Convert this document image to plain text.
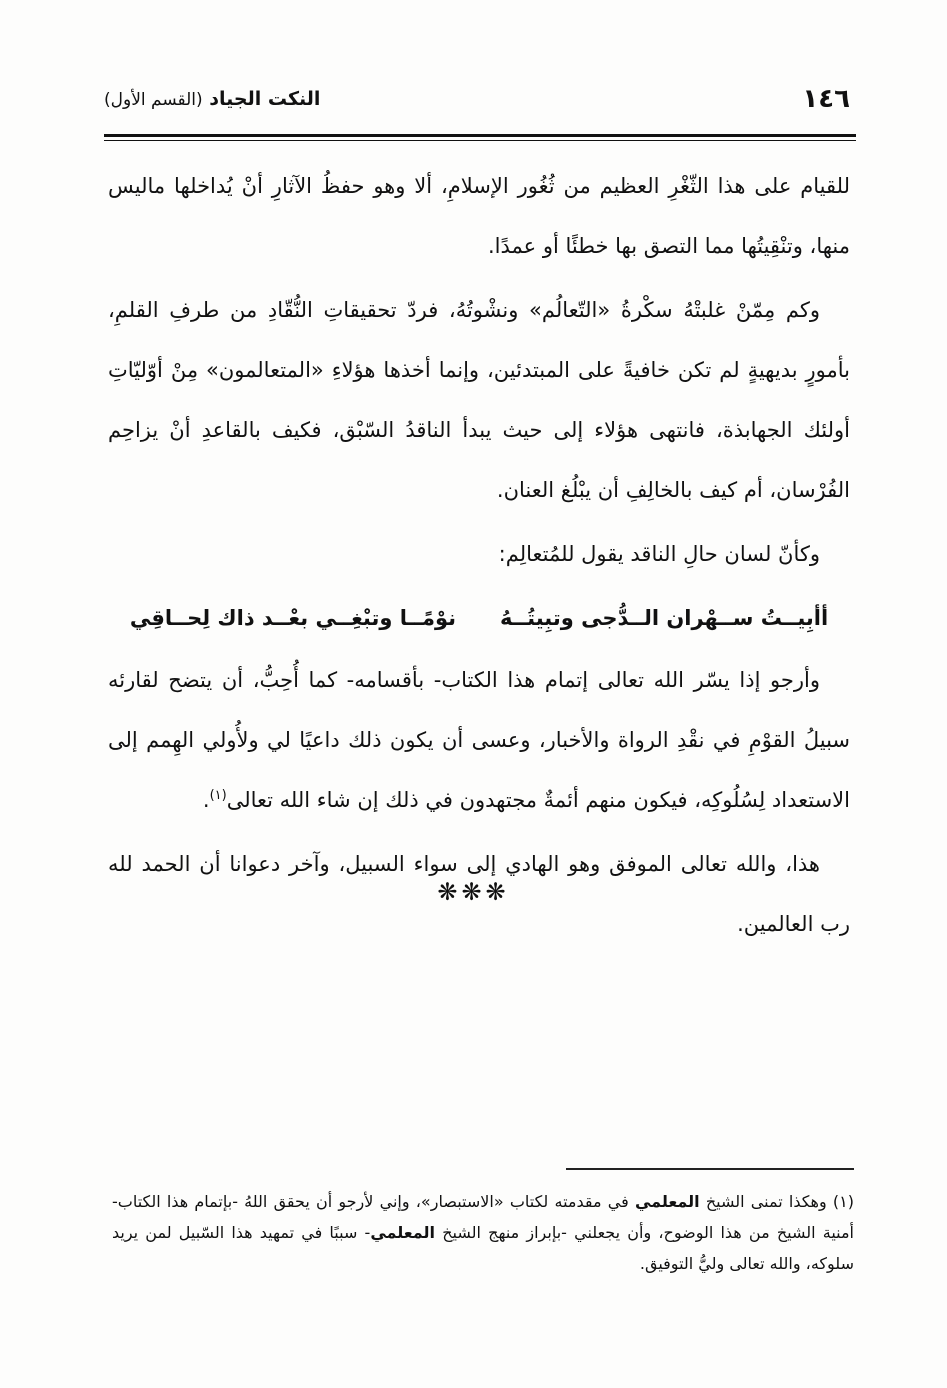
١٤٦
النكت الجياد (القسم الأول)

للقيام على هذا الثّغْرِ العظيم من ثُغُور الإسلامِ، ألا وهو حفظُ الآثارِ أنْ يُداخلها ماليس منها، وتنْقِيتُها مما التصق بها خطئًا أو عمدًا.

وكم مِمّنْ غلبتْهُ سكْرةُ «التّعالُم» ونشْوتُهُ، فردّ تحقيقاتِ النُّقّادِ من طرفِ القلمِ، بأمورٍ بديهيةٍ لم تكن خافيةً على المبتدئين، وإنما أخذها هؤلاءِ «المتعالمون» مِنْ أوّليّاتِ أولئك الجهابذة، فانتهى هؤلاء إلى حيث يبدأ الناقدُ السّبْق، فكيف بالقاعدِ أنْ يزاحِم الفُرْسان، أم كيف بالخالِفِ أن يبْلُغ العنان.

وكأنّ لسان حالِ الناقد يقول للمُتعالِم:

أأبِيــتُ ســهْران الــدُّجى وتبِيتُــهُ
نوْمًــا وتبْغِــي بعْــد ذاك لِحــاقِي

وأرجو إذا يسّر الله تعالى إتمام هذا الكتاب- بأقسامه- كما أُحِبُّ، أن يتضح لقارئه سبيلُ القوْمِ في نقْدِ الرواة والأخبار، وعسى أن يكون ذلك داعيًا لي ولأُولي الهِمم إلى الاستعداد لِسُلُوكِه، فيكون منهم أئمةٌ مجتهدون في ذلك إن شاء الله تعالى$^{(١)}$.

هذا، والله تعالى الموفق وهو الهادي إلى سواء السبيل، وآخر دعوانا أن الحمد لله رب العالمين.

❋❋❋

(١) وهكذا تمنى الشيخ المعلمي في مقدمته لكتاب «الاستبصار»، وإني لأرجو أن يحقق اللهُ -بإتمام هذا الكتاب- أمنية الشيخ من هذا الوضوح، وأن يجعلني -بإبراز منهج الشيخ المعلمي- سببًا في تمهيد هذا السّبيل لمن يريد سلوكه، والله تعالى وليُّ التوفيق.
